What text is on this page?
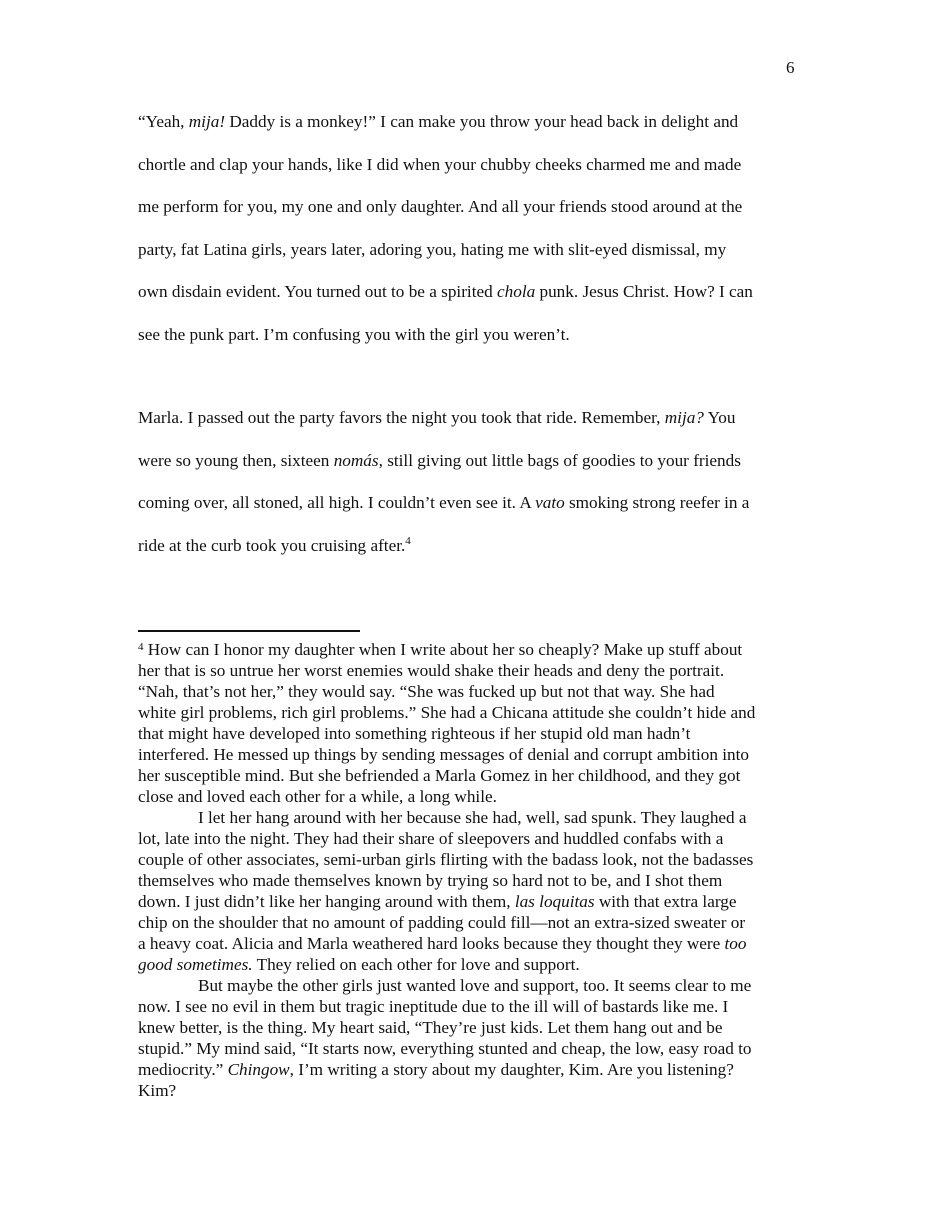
6
“Yeah, mija! Daddy is a monkey!” I can make you throw your head back in delight and
chortle and clap your hands, like I did when your chubby cheeks charmed me and made
me perform for you, my one and only daughter. And all your friends stood around at the
party, fat Latina girls, years later, adoring you, hating me with slit-eyed dismissal, my
own disdain evident. You turned out to be a spirited chola punk. Jesus Christ. How? I can
see the punk part. I’m confusing you with the girl you weren’t.
Marla. I passed out the party favors the night you took that ride. Remember, mija? You
were so young then, sixteen nomás, still giving out little bags of goodies to your friends
coming over, all stoned, all high. I couldn’t even see it. A vato smoking strong reefer in a
ride at the curb took you cruising after.$^4$
$^4$ How can I honor my daughter when I write about her so cheaply? Make up stuff about
her that is so untrue her worst enemies would shake their heads and deny the portrait.
“Nah, that’s not her,” they would say. “She was fucked up but not that way. She had
white girl problems, rich girl problems.” She had a Chicana attitude she couldn’t hide and
that might have developed into something righteous if her stupid old man hadn’t
interfered. He messed up things by sending messages of denial and corrupt ambition into
her susceptible mind. But she befriended a Marla Gomez in her childhood, and they got
close and loved each other for a while, a long while.
I let her hang around with her because she had, well, sad spunk. They laughed a
lot, late into the night. They had their share of sleepovers and huddled confabs with a
couple of other associates, semi-urban girls flirting with the badass look, not the badasses
themselves who made themselves known by trying so hard not to be, and I shot them
down. I just didn’t like her hanging around with them, las loquitas with that extra large
chip on the shoulder that no amount of padding could fill—not an extra-sized sweater or
a heavy coat. Alicia and Marla weathered hard looks because they thought they were too
good sometimes. They relied on each other for love and support.
But maybe the other girls just wanted love and support, too. It seems clear to me
now. I see no evil in them but tragic ineptitude due to the ill will of bastards like me. I
knew better, is the thing. My heart said, “They’re just kids. Let them hang out and be
stupid.” My mind said, “It starts now, everything stunted and cheap, the low, easy road to
mediocrity.” Chingow, I’m writing a story about my daughter, Kim. Are you listening?
Kim?
